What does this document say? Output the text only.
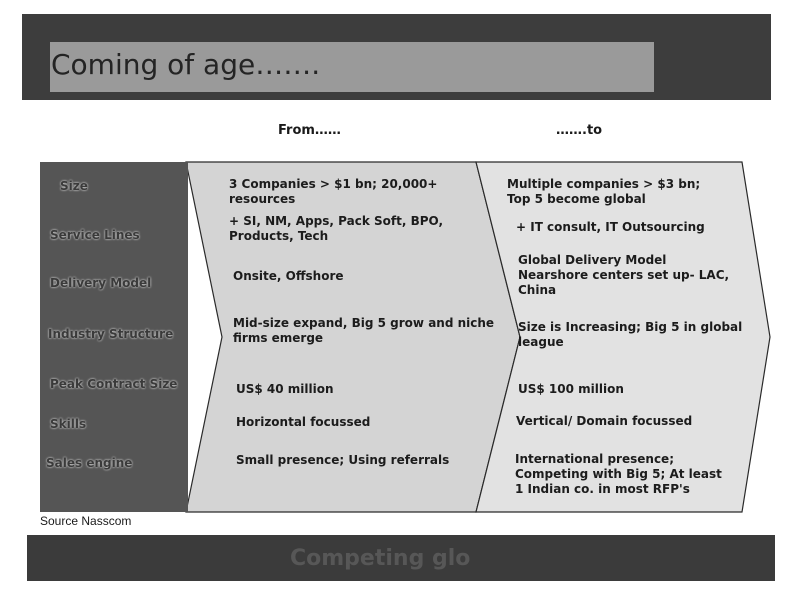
Coming of age…….
From……	…….to
Size
Service Lines
Delivery Model
Industry Structure
Peak Contract Size
Skills
Sales engine
3 Companies > $1 bn; 20,000+
resources
+ SI, NM, Apps, Pack Soft, BPO,
Products, Tech
Onsite, Offshore
Mid-size expand, Big 5 grow and niche
firms emerge
US$ 40 million
Horizontal focussed
Small presence; Using referrals
Multiple companies > $3 bn;
Top 5 become global
+ IT consult, IT Outsourcing
Global Delivery Model
Nearshore centers set up- LAC,
China
Size is Increasing; Big 5 in global
league
US$ 100 million
Vertical/ Domain focussed
International presence;
Competing with Big 5; At least
1 Indian co. in most RFP's
Source Nasscom
Competing glo
